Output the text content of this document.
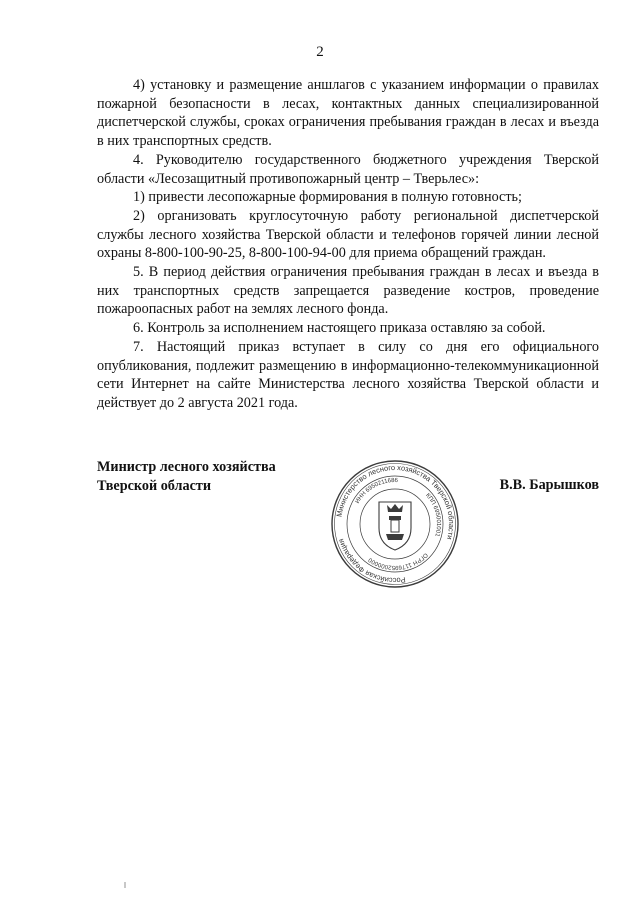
2

4) установку и размещение аншлагов с указанием информации о правилах пожарной безопасности в лесах, контактных данных специализированной диспетчерской службы, сроках ограничения пребывания граждан в лесах и въезда в них транспортных средств.

4. Руководителю государственного бюджетного учреждения Тверской области «Лесозащитный противопожарный центр – Тверьлес»:

1) привести лесопожарные формирования в полную готовность;

2) организовать круглосуточную работу региональной диспетчерской службы лесного хозяйства Тверской области и телефонов горячей линии лесной охраны 8-800-100-90-25, 8-800-100-94-00 для приема обращений граждан.

5. В период действия ограничения пребывания граждан в лесах и въезда в них транспортных средств запрещается разведение костров, проведение пожароопасных работ на землях лесного фонда.

6. Контроль за исполнением настоящего приказа оставляю за собой.

7. Настоящий приказ вступает в силу со дня его официального опубликования, подлежит размещению в информационно-телекоммуникационной сети Интернет на сайте Министерства лесного хозяйства Тверской области и действует до 2 августа 2021 года.

Министр лесного хозяйства
Тверской области
Министерство лесного хозяйства Тверской области
Российская Федерация
ИНН 6950211686
КПП 695001001
ОГРН 1176952000000
В.В. Барышков
